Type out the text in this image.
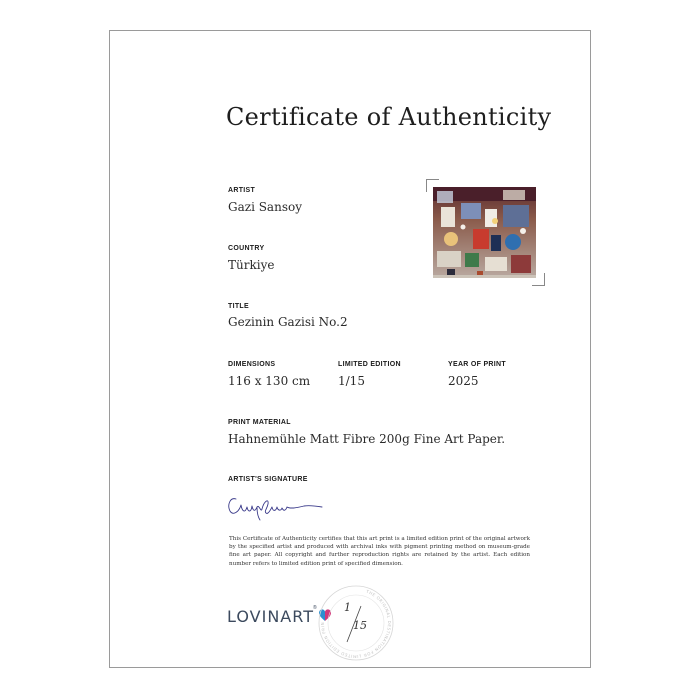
Certificate of Authenticity
ARTIST
Gazi Sansoy
COUNTRY
Türkiye
TITLE
Gezinin Gazisi No.2
DIMENSIONS
116 x 130 cm
LIMITED EDITION
1/15
YEAR OF PRINT
2025
PRINT MATERIAL
Hahnemühle Matt Fibre 200g Fine Art Paper.
ARTIST'S SIGNATURE
This Certificate of Authenticity certifies that this art print is a limited edition print of the original artwork by the specified artist and produced with archival inks with pigment printing method on museum-grade fine art paper. All copyright and further reproduction rights are retained by the artist. Each edition number refers to limited edition print of specified dimension.
LOVINART ®
THE ORIGINAL DESTINATION FOR LIMITED EDITION PRIN
1
15
